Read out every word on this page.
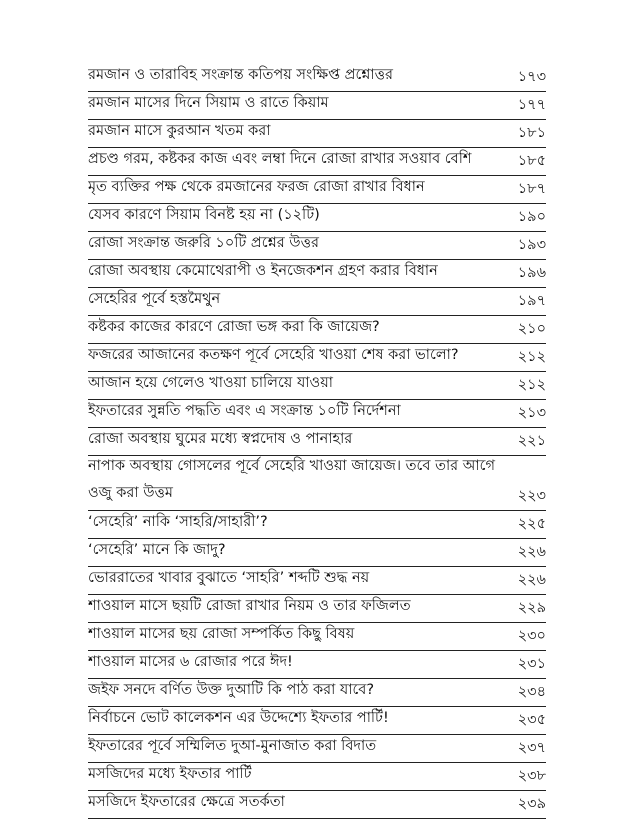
রমজান ও তারাবিহ সংক্রান্ত কতিপয় সংক্ষিপ্ত প্রশ্নোত্তর	১৭৩
রমজান মাসের দিনে সিয়াম ও রাতে কিয়াম	১৭৭
রমজান মাসে কুরআন খতম করা	১৮১
প্রচণ্ড গরম, কষ্টকর কাজ এবং লম্বা দিনে রোজা রাখার সওয়াব বেশি	১৮৫
মৃত ব্যক্তির পক্ষ থেকে রমজানের ফরজ রোজা রাখার বিধান	১৮৭
যেসব কারণে সিয়াম বিনষ্ট হয় না (১২টি)	১৯০
রোজা সংক্রান্ত জরুরি ১০টি প্রশ্নের উত্তর	১৯৩
রোজা অবস্থায় কেমোথেরাপী ও ইনজেকশন গ্রহণ করার বিধান	১৯৬
সেহেরির পূর্বে হস্তমৈথুন	১৯৭
কষ্টকর কাজের কারণে রোজা ভঙ্গ করা কি জায়েজ?	২১০
ফজরের আজানের কতক্ষণ পূর্বে সেহেরি খাওয়া শেষ করা ভালো?	২১২
আজান হয়ে গেলেও খাওয়া চালিয়ে যাওয়া	২১২
ইফতারের সুন্নতি পদ্ধতি এবং এ সংক্রান্ত ১০টি নির্দেশনা	২১৩
রোজা অবস্থায় ঘুমের মধ্যে স্বপ্নদোষ ও পানাহার	২২১
নাপাক অবস্থায় গোসলের পূর্বে সেহেরি খাওয়া জায়েজ। তবে তার আগে ওজু করা উত্তম	২২৩
‘সেহেরি’ নাকি ‘সাহরি/সাহারী’?	২২৫
‘সেহেরি’ মানে কি জাদু?	২২৬
ভোররাতের খাবার বুঝাতে ‘সাহরি’ শব্দটি শুদ্ধ নয়	২২৬
শাওয়াল মাসে ছয়টি রোজা রাখার নিয়ম ও তার ফজিলত	২২৯
শাওয়াল মাসের ছয় রোজা সম্পর্কিত কিছু বিষয়	২৩০
শাওয়াল মাসের ৬ রোজার পরে ঈদ!	২৩১
জইফ সনদে বর্ণিত উক্ত দুআটি কি পাঠ করা যাবে?	২৩৪
নির্বাচনে ভোট কালেকশন এর উদ্দেশ্যে ইফতার পার্টি!	২৩৫
ইফতারের পূর্বে সম্মিলিত দুআ-মুনাজাত করা বিদাত	২৩৭
মসজিদের মধ্যে ইফতার পার্টি	২৩৮
মসজিদে ইফতারের ক্ষেত্রে সতর্কতা	২৩৯
